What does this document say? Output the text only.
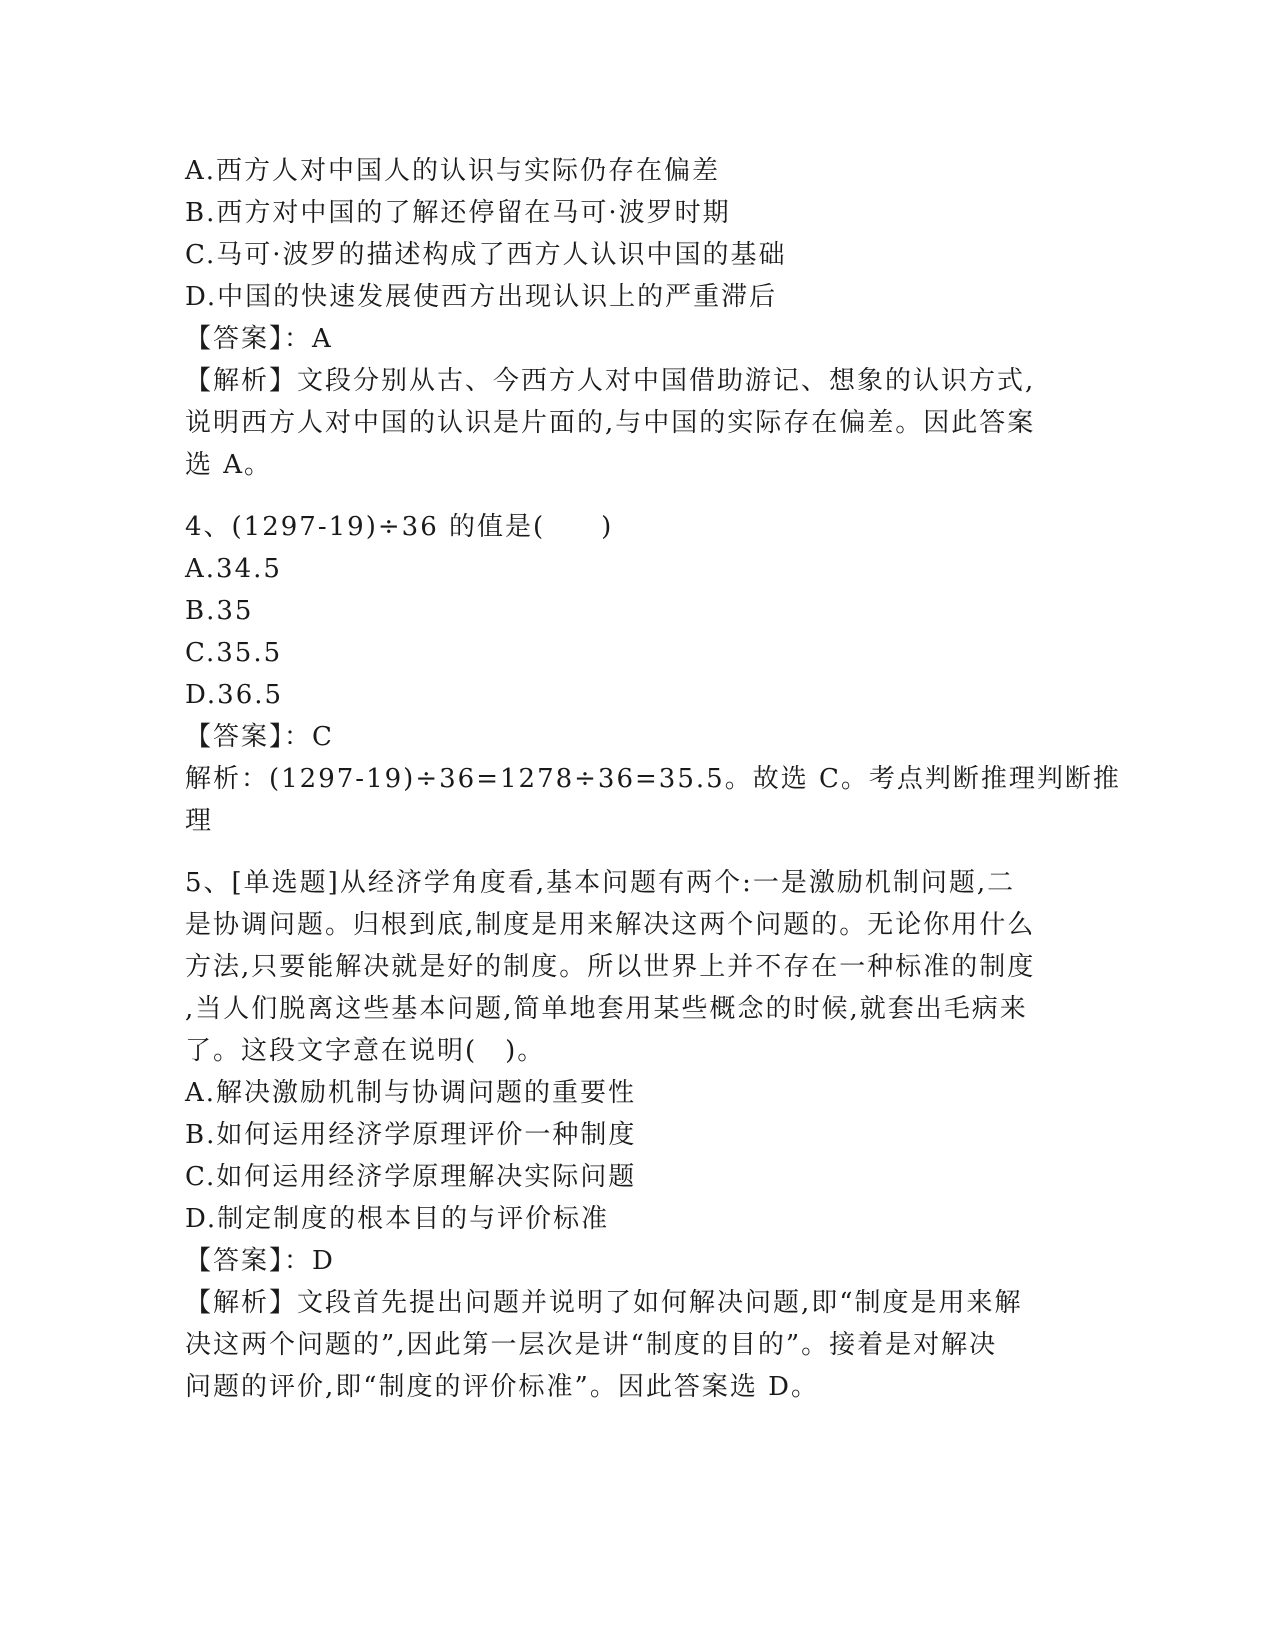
A.西方人对中国人的认识与实际仍存在偏差
B.西方对中国的了解还停留在马可·波罗时期
C.马可·波罗的描述构成了西方人认识中国的基础
D.中国的快速发展使西方出现认识上的严重滞后
【答案】：A
【解析】文段分别从古、今西方人对中国借助游记、想象的认识方式,
说明西方人对中国的认识是片面的,与中国的实际存在偏差。因此答案
选 A。
4、(1297-19)÷36 的值是(　　)
A.34.5
B.35
C.35.5
D.36.5
【答案】：C
解析：(1297-19)÷36=1278÷36=35.5。故选 C。考点判断推理判断推
理
5、[单选题]从经济学角度看,基本问题有两个:一是激励机制问题,二
是协调问题。归根到底,制度是用来解决这两个问题的。无论你用什么
方法,只要能解决就是好的制度。所以世界上并不存在一种标准的制度
,当人们脱离这些基本问题,简单地套用某些概念的时候,就套出毛病来
了。这段文字意在说明(　)。
A.解决激励机制与协调问题的重要性
B.如何运用经济学原理评价一种制度
C.如何运用经济学原理解决实际问题
D.制定制度的根本目的与评价标准
【答案】：D
【解析】文段首先提出问题并说明了如何解决问题,即“制度是用来解
决这两个问题的”,因此第一层次是讲“制度的目的”。接着是对解决
问题的评价,即“制度的评价标准”。因此答案选 D。
